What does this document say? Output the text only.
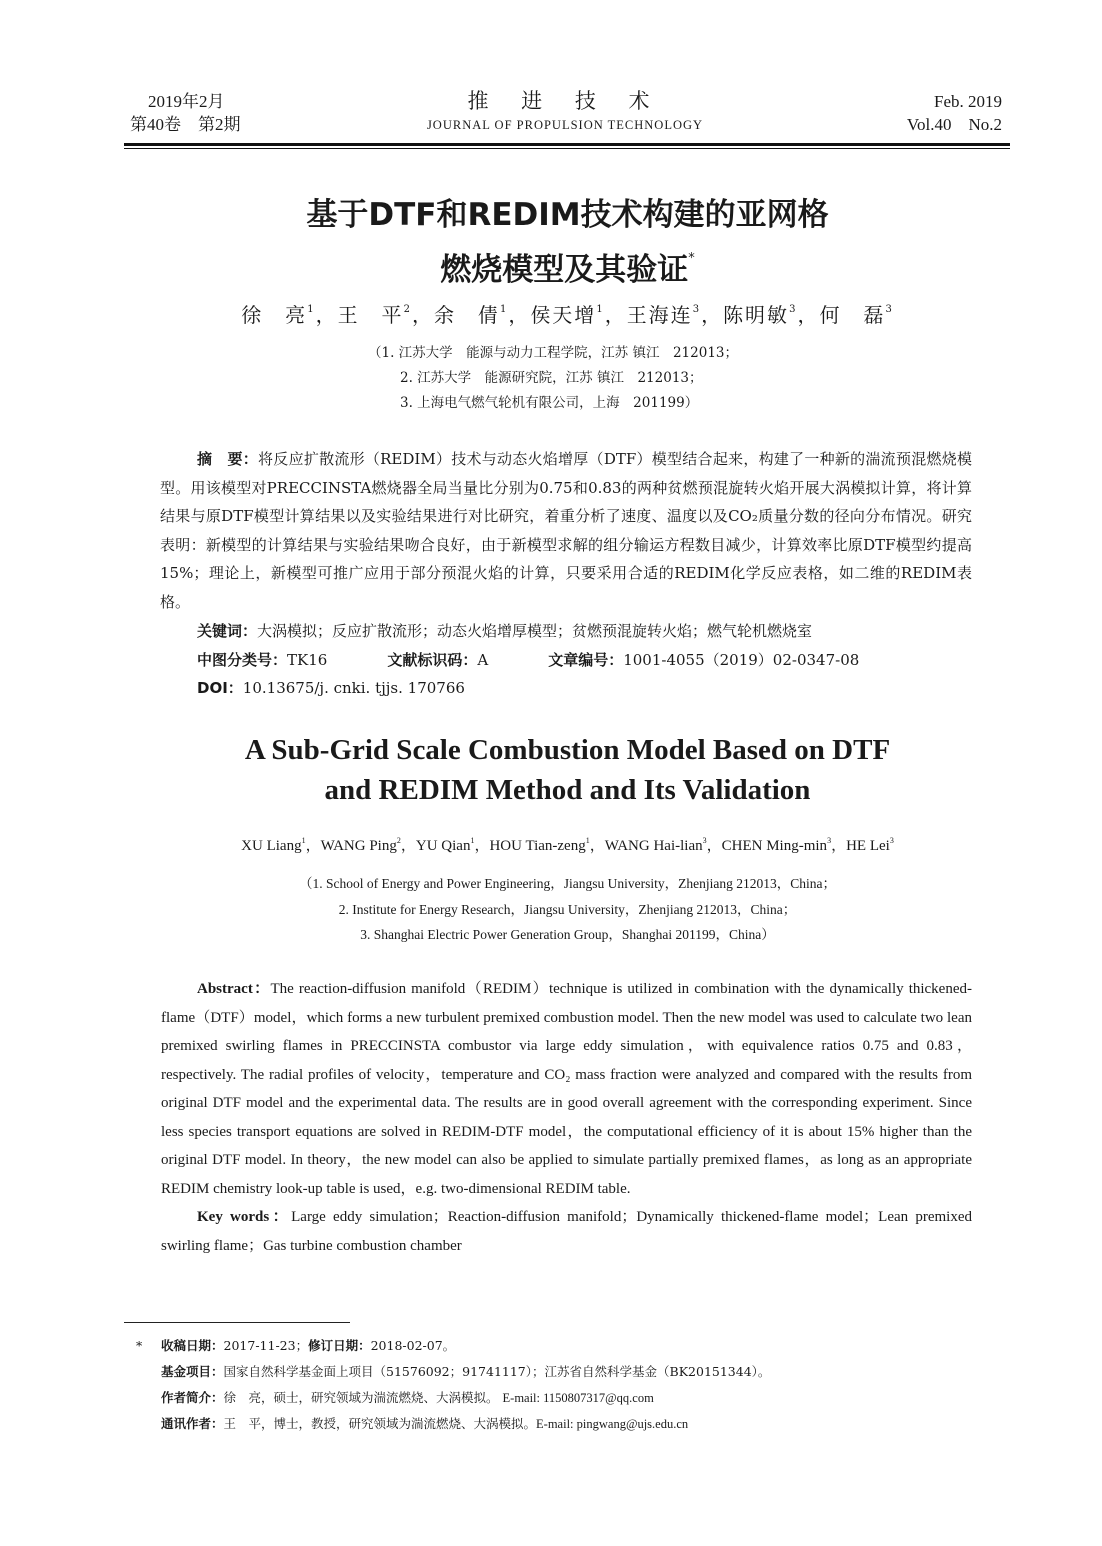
2019年2月
第40卷　第2期
推 进 技 术
JOURNAL OF PROPULSION TECHNOLOGY
Feb. 2019
Vol.40　No.2
基于DTF和REDIM技术构建的亚网格
燃烧模型及其验证*
徐　亮$^1$，王　平$^2$，余　倩$^1$，侯天增$^1$，王海连$^3$，陈明敏$^3$，何　磊$^3$
（1. 江苏大学　能源与动力工程学院，江苏 镇江　212013；
2. 江苏大学　能源研究院，江苏 镇江　212013；
3. 上海电气燃气轮机有限公司，上海　201199）

摘　要：将反应扩散流形（REDIM）技术与动态火焰增厚（DTF）模型结合起来，构建了一种新的湍流预混燃烧模型。用该模型对PRECCINSTA燃烧器全局当量比分别为0.75和0.83的两种贫燃预混旋转火焰开展大涡模拟计算，将计算结果与原DTF模型计算结果以及实验结果进行对比研究，着重分析了速度、温度以及CO₂质量分数的径向分布情况。研究表明：新模型的计算结果与实验结果吻合良好，由于新模型求解的组分输运方程数目减少，计算效率比原DTF模型约提高15%；理论上，新模型可推广应用于部分预混火焰的计算，只要采用合适的REDIM化学反应表格，如二维的REDIM表格。

关键词：大涡模拟；反应扩散流形；动态火焰增厚模型；贫燃预混旋转火焰；燃气轮机燃烧室
中图分类号：TK16	文献标识码：A	文章编号：1001-4055（2019）02-0347-08
DOI：10.13675/j. cnki. tjjs. 170766
A Sub-Grid Scale Combustion Model Based on DTF
and REDIM Method and Its Validation
XU Liang$^1$，WANG Ping$^2$，YU Qian$^1$，HOU Tian-zeng$^1$，WANG Hai-lian$^3$，CHEN Ming-$\min^3$，HE Lei$^3$
（1. School of Energy and Power Engineering，Jiangsu University，Zhenjiang 212013，China；
2. Institute for Energy Research，Jiangsu University，Zhenjiang 212013，China；
3. Shanghai Electric Power Generation Group，Shanghai 201199，China）

Abstract：The reaction-diffusion manifold（REDIM）technique is utilized in combination with the dynamically thickened-flame（DTF）model，which forms a new turbulent premixed combustion model. Then the new model was used to calculate two lean premixed swirling flames in PRECCINSTA combustor via large eddy simulation，with equivalence ratios 0.75 and 0.83，respectively. The radial profiles of velocity，temperature and CO₂ mass fraction were analyzed and compared with the results from original DTF model and the experimental data. The results are in good overall agreement with the corresponding experiment. Since less species transport equations are solved in REDIM-DTF model，the computational efficiency of it is about 15% higher than the original DTF model. In theory，the new model can also be applied to simulate partially premixed flames，as long as an appropriate REDIM chemistry look-up table is used，e.g. two-dimensional REDIM table.

Key words：Large eddy simulation；Reaction-diffusion manifold；Dynamically thickened-flame model；Lean premixed swirling flame；Gas turbine combustion chamber

* 收稿日期：2017-11-23；修订日期：2018-02-07。
基金项目：国家自然科学基金面上项目（51576092；91741117）；江苏省自然科学基金（BK20151344）。
作者简介：徐　亮，硕士，研究领域为湍流燃烧、大涡模拟。 E-mail: 1150807317@qq.com
通讯作者：王　平，博士，教授，研究领域为湍流燃烧、大涡模拟。E-mail: pingwang@ujs.edu.cn
